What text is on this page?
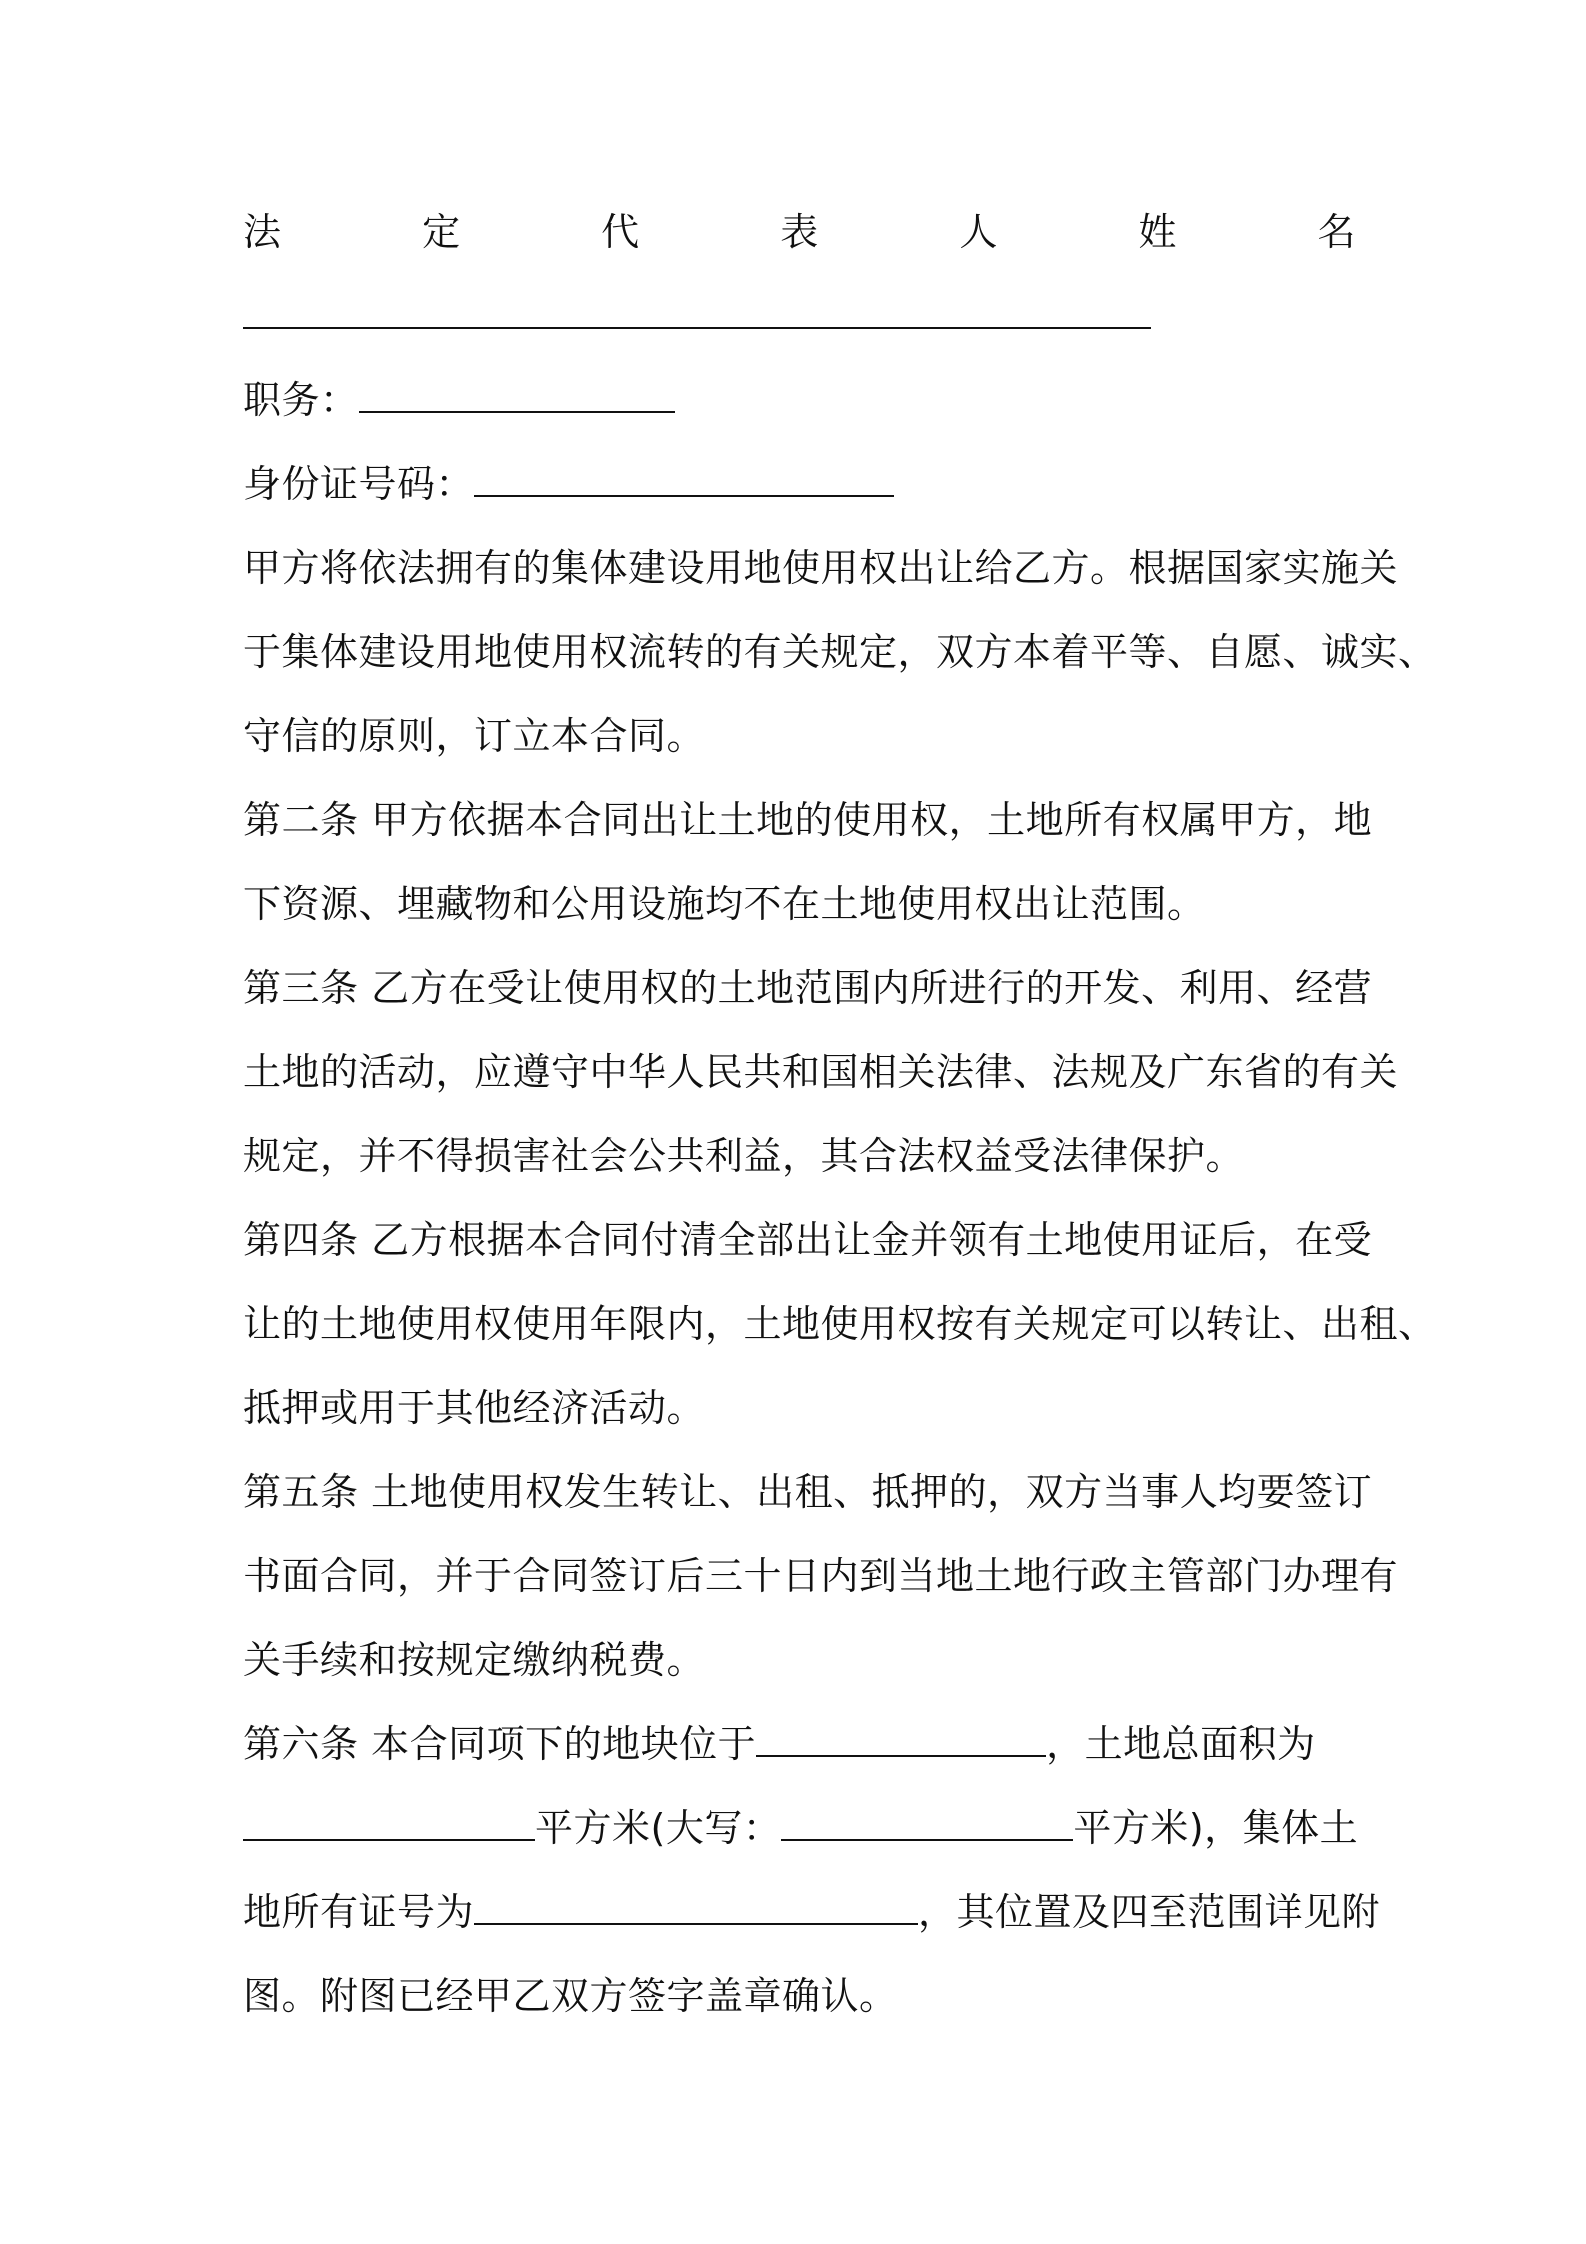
法	定	代	表	人	姓	名
职务：
身份证号码：
甲方将依法拥有的集体建设用地使用权出让给乙方。根据国家实施关
于集体建设用地使用权流转的有关规定，双方本着平等、自愿、诚实、
守信的原则，订立本合同。
第二条 甲方依据本合同出让土地的使用权，土地所有权属甲方，地
下资源、埋藏物和公用设施均不在土地使用权出让范围。
第三条 乙方在受让使用权的土地范围内所进行的开发、利用、经营
土地的活动，应遵守中华人民共和国相关法律、法规及广东省的有关
规定，并不得损害社会公共利益，其合法权益受法律保护。
第四条 乙方根据本合同付清全部出让金并领有土地使用证后，在受
让的土地使用权使用年限内，土地使用权按有关规定可以转让、出租、
抵押或用于其他经济活动。
第五条 土地使用权发生转让、出租、抵押的，双方当事人均要签订
书面合同，并于合同签订后三十日内到当地土地行政主管部门办理有
关手续和按规定缴纳税费。
第六条 本合同项下的地块位于	，土地总面积为
平方米(大写：	平方米)，集体土
地所有证号为	，其位置及四至范围详见附
图。附图已经甲乙双方签字盖章确认。
